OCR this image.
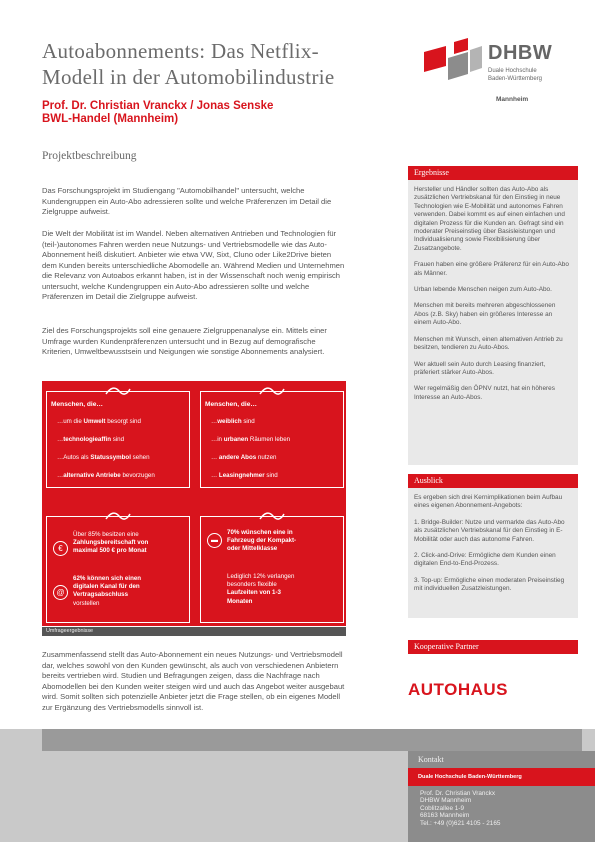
Autoabonnements: Das Netflix-
Modell in der Automobilindustrie
Prof. Dr. Christian Vranckx / Jonas Senske
BWL-Handel (Mannheim)
DHBW
Duale Hochschule
Baden-Württemberg
Mannheim
Projektbeschreibung
Das Forschungsprojekt im Studiengang "Automobilhandel" untersucht, welche Kundengruppen ein Auto-Abo adressieren sollte und welche Präferenzen im Detail die Zielgruppe aufweist.
Die Welt der Mobilität ist im Wandel. Neben alternativen Antrieben und Technologien für (teil-)autonomes Fahren werden neue Nutzungs- und Vertriebsmodelle wie das Auto-Abonnement heiß diskutiert. Anbieter wie etwa VW, Sixt, Cluno oder Like2Drive bieten dem Kunden bereits unterschiedliche Abomodelle an. Während Medien und Unternehmen die Relevanz von Autoabos erkannt haben, ist in der Wissenschaft noch wenig empirisch untersucht, welche Kundengruppen ein Auto-Abo adressieren sollte und welche Präferenzen im Detail die Zielgruppe aufweist.
Ziel des Forschungsprojekts soll eine genauere Zielgruppenanalyse ein. Mittels einer Umfrage wurden Kundenpräferenzen untersucht und in Bezug auf demografische Kriterien, Umweltbewusstsein und Neigungen wie sonstige Abonnements analysiert.
Menschen, die…
…um die Umwelt besorgt sind
…technologieaffin sind
…Autos als Statussymbol sehen
…alternative Antriebe bevorzugen
Menschen, die…
…weiblich sind
…in urbanen Räumen leben
… andere Abos nutzen
… Leasingnehmer sind
€
Über 85% besitzen eine
Zahlungsbereitschaft von
maximal 500 € pro Monat
@
62% können sich einen
digitalen Kanal für den
Vertragsabschluss
vorstellen
▬
70% wünschen eine in
Fahrzeug der Kompakt-
oder Mittelklasse
Lediglich 12% verlangen
besonders flexible
Laufzeiten von 1-3
Monaten
Umfrageergebnisse
Zusammenfassend stellt das Auto-Abonnement ein neues Nutzungs- und Vertriebsmodell dar, welches sowohl von den Kunden gewünscht, als auch von verschiedenen Anbietern bereits vertrieben wird. Studien und Befragungen zeigen, dass die Nachfrage nach Abomodellen bei den Kunden weiter steigen wird und auch das Angebot weiter ausgebaut wird. Somit sollten sich potenzielle Anbieter jetzt die Frage stellen, ob ein eigenes Modell zur Ergänzung des Vertriebsmodells sinnvoll ist.
Ergebnisse

Hersteller und Händler sollten das Auto-Abo als zusätzlichen Vertriebskanal für den Einstieg in neue Technologien wie E-Mobilität und autonomes Fahren verwenden. Dabei kommt es auf einen einfachen und digitalen Prozess für die Kunden an. Gefragt sind ein moderater Preiseinstieg über Basisleistungen und Individualisierung sowie Flexibilisierung über Zusatzangebote.

Frauen haben eine größere Präferenz für ein Auto-Abo als Männer.

Urban lebende Menschen neigen zum Auto-Abo.

Menschen mit bereits mehreren abgeschlossenen Abos (z.B. Sky) haben ein größeres Interesse an einem Auto-Abo.

Menschen mit Wunsch, einen alternativen Antrieb zu besitzen, tendieren zu Auto-Abos.

Wer aktuell sein Auto durch Leasing finanziert, präferiert stärker Auto-Abos.

Wer regelmäßig den ÖPNV nutzt, hat ein höheres Interesse an Auto-Abos.

Ausblick

Es ergeben sich drei Kernimplikationen beim Aufbau eines eigenen Abonnement-Angebots:

1. Bridge-Builder: Nutze und vermarkte das Auto-Abo als zusätzlichen Vertriebskanal für den Einstieg in E-Mobilität oder auch das autonome Fahren.

2. Click-and-Drive: Ermögliche dem Kunden einen digitalen End-to-End-Prozess.

3. Top-up: Ermögliche einen moderaten Preiseinstieg mit individuellen Zusatzleistungen.

Kooperative Partner
AUTOHAUS
Kontakt
Duale Hochschule Baden-Württemberg
Prof. Dr. Christian Vranckx
DHBW Mannheim
Coblitzallee 1-9
68163 Mannheim
Tel.: +49 (0)621 4105 - 2165
